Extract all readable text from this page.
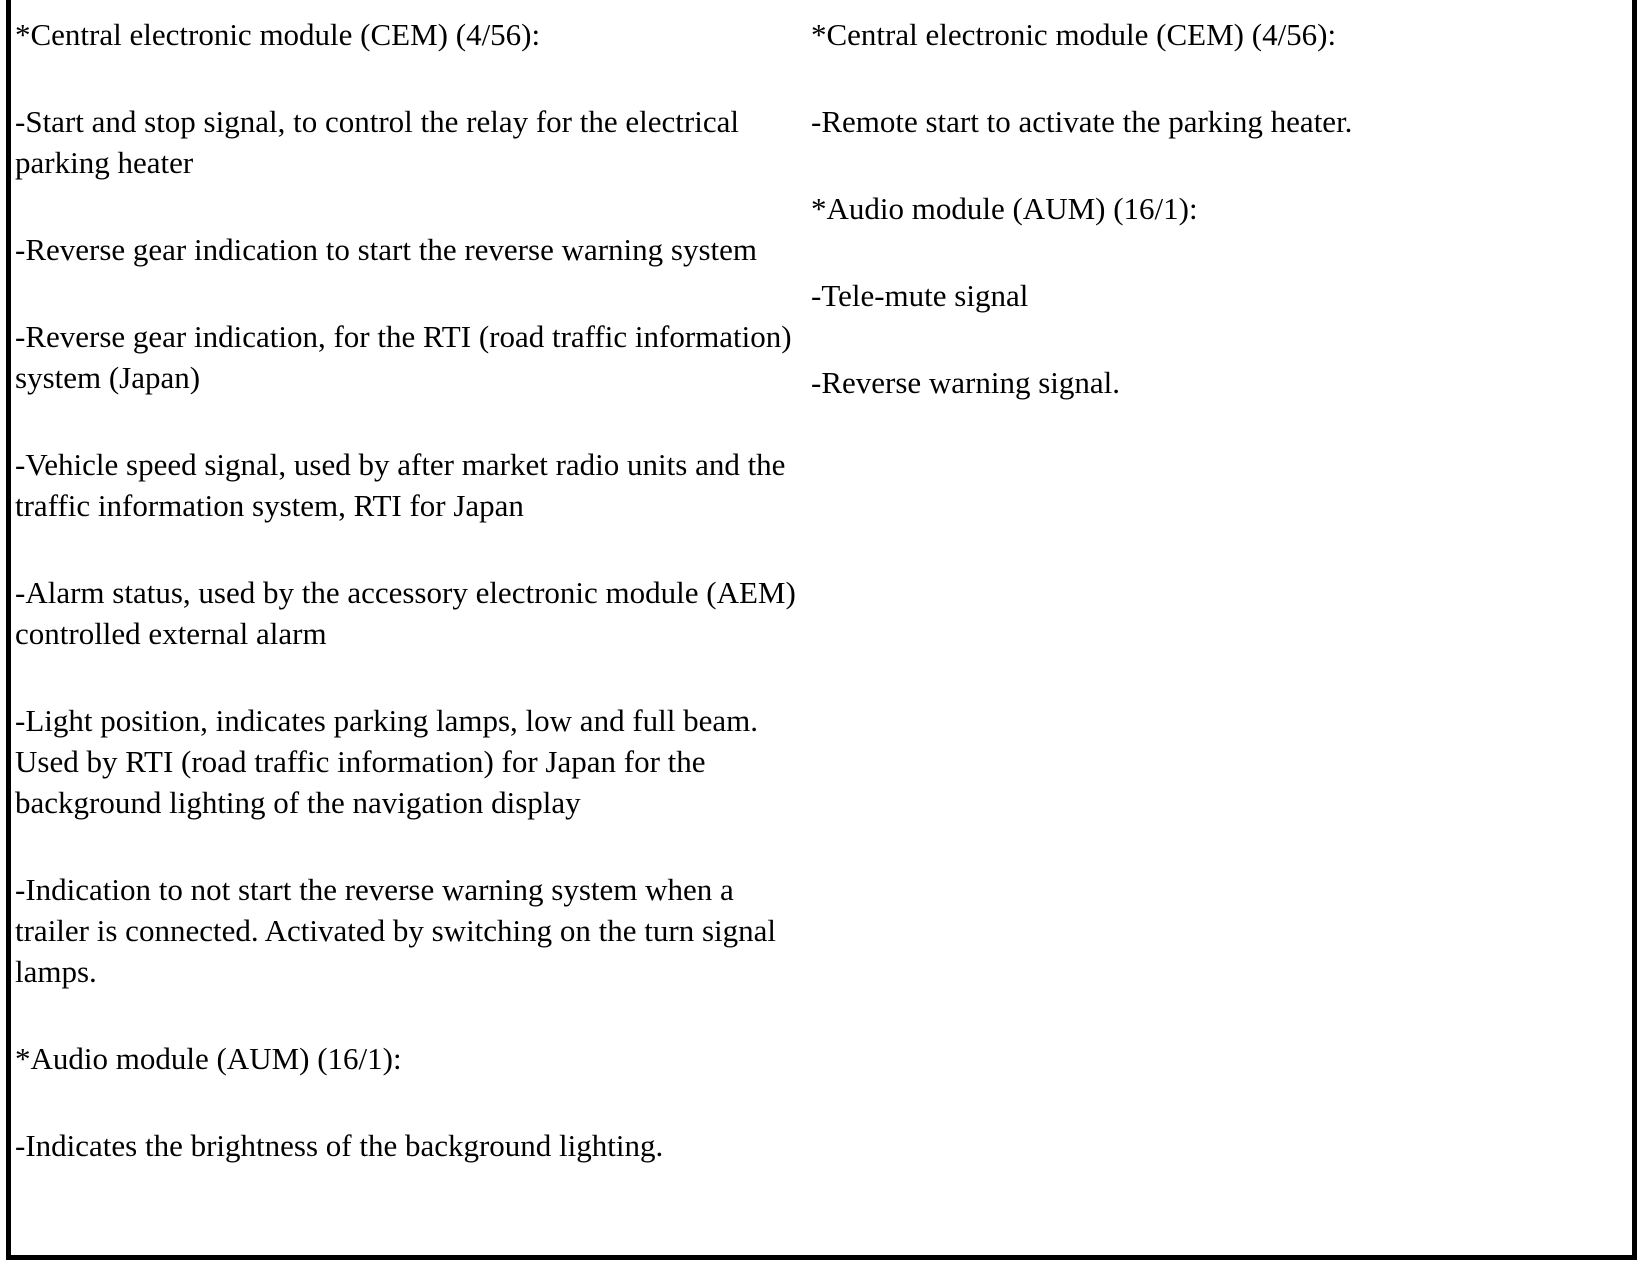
*Central electronic module (CEM) (4/56):

-Start and stop signal, to control the relay for the electrical parking heater

-Reverse gear indication to start the reverse warning system

-Reverse gear indication, for the RTI (road traffic information) system (Japan)

-Vehicle speed signal, used by after market radio units and the traffic information system, RTI for Japan

-Alarm status, used by the accessory electronic module (AEM) controlled external alarm

-Light position, indicates parking lamps, low and full beam. Used by RTI (road traffic information) for Japan for the background lighting of the navigation display

-Indication to not start the reverse warning system when a trailer is connected. Activated by switching on the turn signal lamps.

*Audio module (AUM) (16/1):

-Indicates the brightness of the background lighting.

*Central electronic module (CEM) (4/56):

-Remote start to activate the parking heater.

*Audio module (AUM) (16/1):

-Tele-mute signal

-Reverse warning signal.
